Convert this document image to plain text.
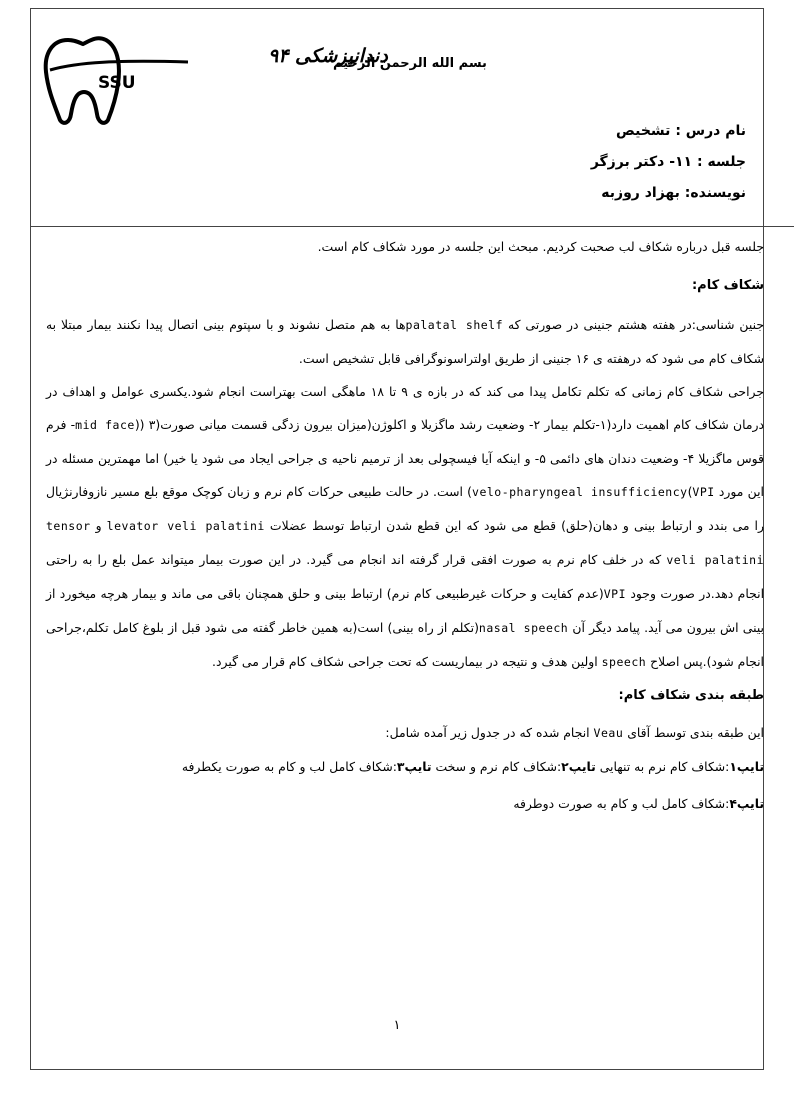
دندانپزشکی ۹۴
SSU
بسم الله الرحمن الرحیم
نام درس : تشخیص
جلسه : ۱۱- دکتر برزگر
نویسنده: بهزاد روزبه

جلسه قبل درباره شکاف لب صحبت کردیم. مبحث این جلسه در مورد شکاف کام است.

شکاف کام:

جنین شناسی:در هفته هشتم جنینی در صورتی که palatal shelfها به هم متصل نشوند و با سپتوم بینی اتصال پیدا نکنند بیمار مبتلا به شکاف کام می شود که درهفته ی ۱۶ جنینی از طریق اولتراسونوگرافی قابل تشخیص است.

جراحی شکاف کام زمانی که تکلم تکامل پیدا می کند که در بازه ی ۹ تا ۱۸ ماهگی است بهتراست انجام شود.یکسری عوامل و اهداف در درمان شکاف کام اهمیت دارد(۱-تکلم بیمار ۲- وضعیت رشد ماگزیلا و اکلوژن(میزان بیرون زدگی قسمت میانی صورت(mid face)) ۳- فرم قوس ماگزیلا ۴- وضعیت دندان های دائمی ۵- و اینکه آیا فیسچولی بعد از ترمیم ناحیه ی جراحی ایجاد می شود یا خیر) اما مهمترین مسئله در این مورد velo-pharyngeal insufficiency(VPI) است. در حالت طبیعی حرکات کام نرم و زبان کوچک موقع بلع مسیر نازوفارنژیال را می بندد و ارتباط بینی و دهان(حلق) قطع می شود که این قطع شدن ارتباط توسط عضلات levator veli palatini و tensor veli palatini که در خلف کام نرم به صورت افقی قرار گرفته اند انجام می گیرد. در این صورت بیمار میتواند عمل بلع را به راحتی انجام دهد.در صورت وجود VPI(عدم کفایت و حرکات غیرطبیعی کام نرم) ارتباط بینی و حلق همچنان باقی می ماند و بیمار هرچه میخورد از بینی اش بیرون می آید. پیامد دیگر آن nasal speech(تکلم از راه بینی) است(به همین خاطر گفته می شود قبل از بلوغ کامل تکلم،جراحی انجام شود).پس اصلاح speech اولین هدف و نتیجه در بیماریست که تحت جراحی شکاف کام قرار می گیرد.

طبقه بندی شکاف کام:

این طبقه بندی توسط آقای Veau انجام شده که در جدول زیر آمده شامل:

تایپ۱:شکاف کام نرم به تنهایی تایپ۲:شکاف کام نرم و سخت تایپ۳:شکاف کامل لب و کام به صورت یکطرفه

تایپ۴:شکاف کامل لب و کام به صورت دوطرفه

۱
